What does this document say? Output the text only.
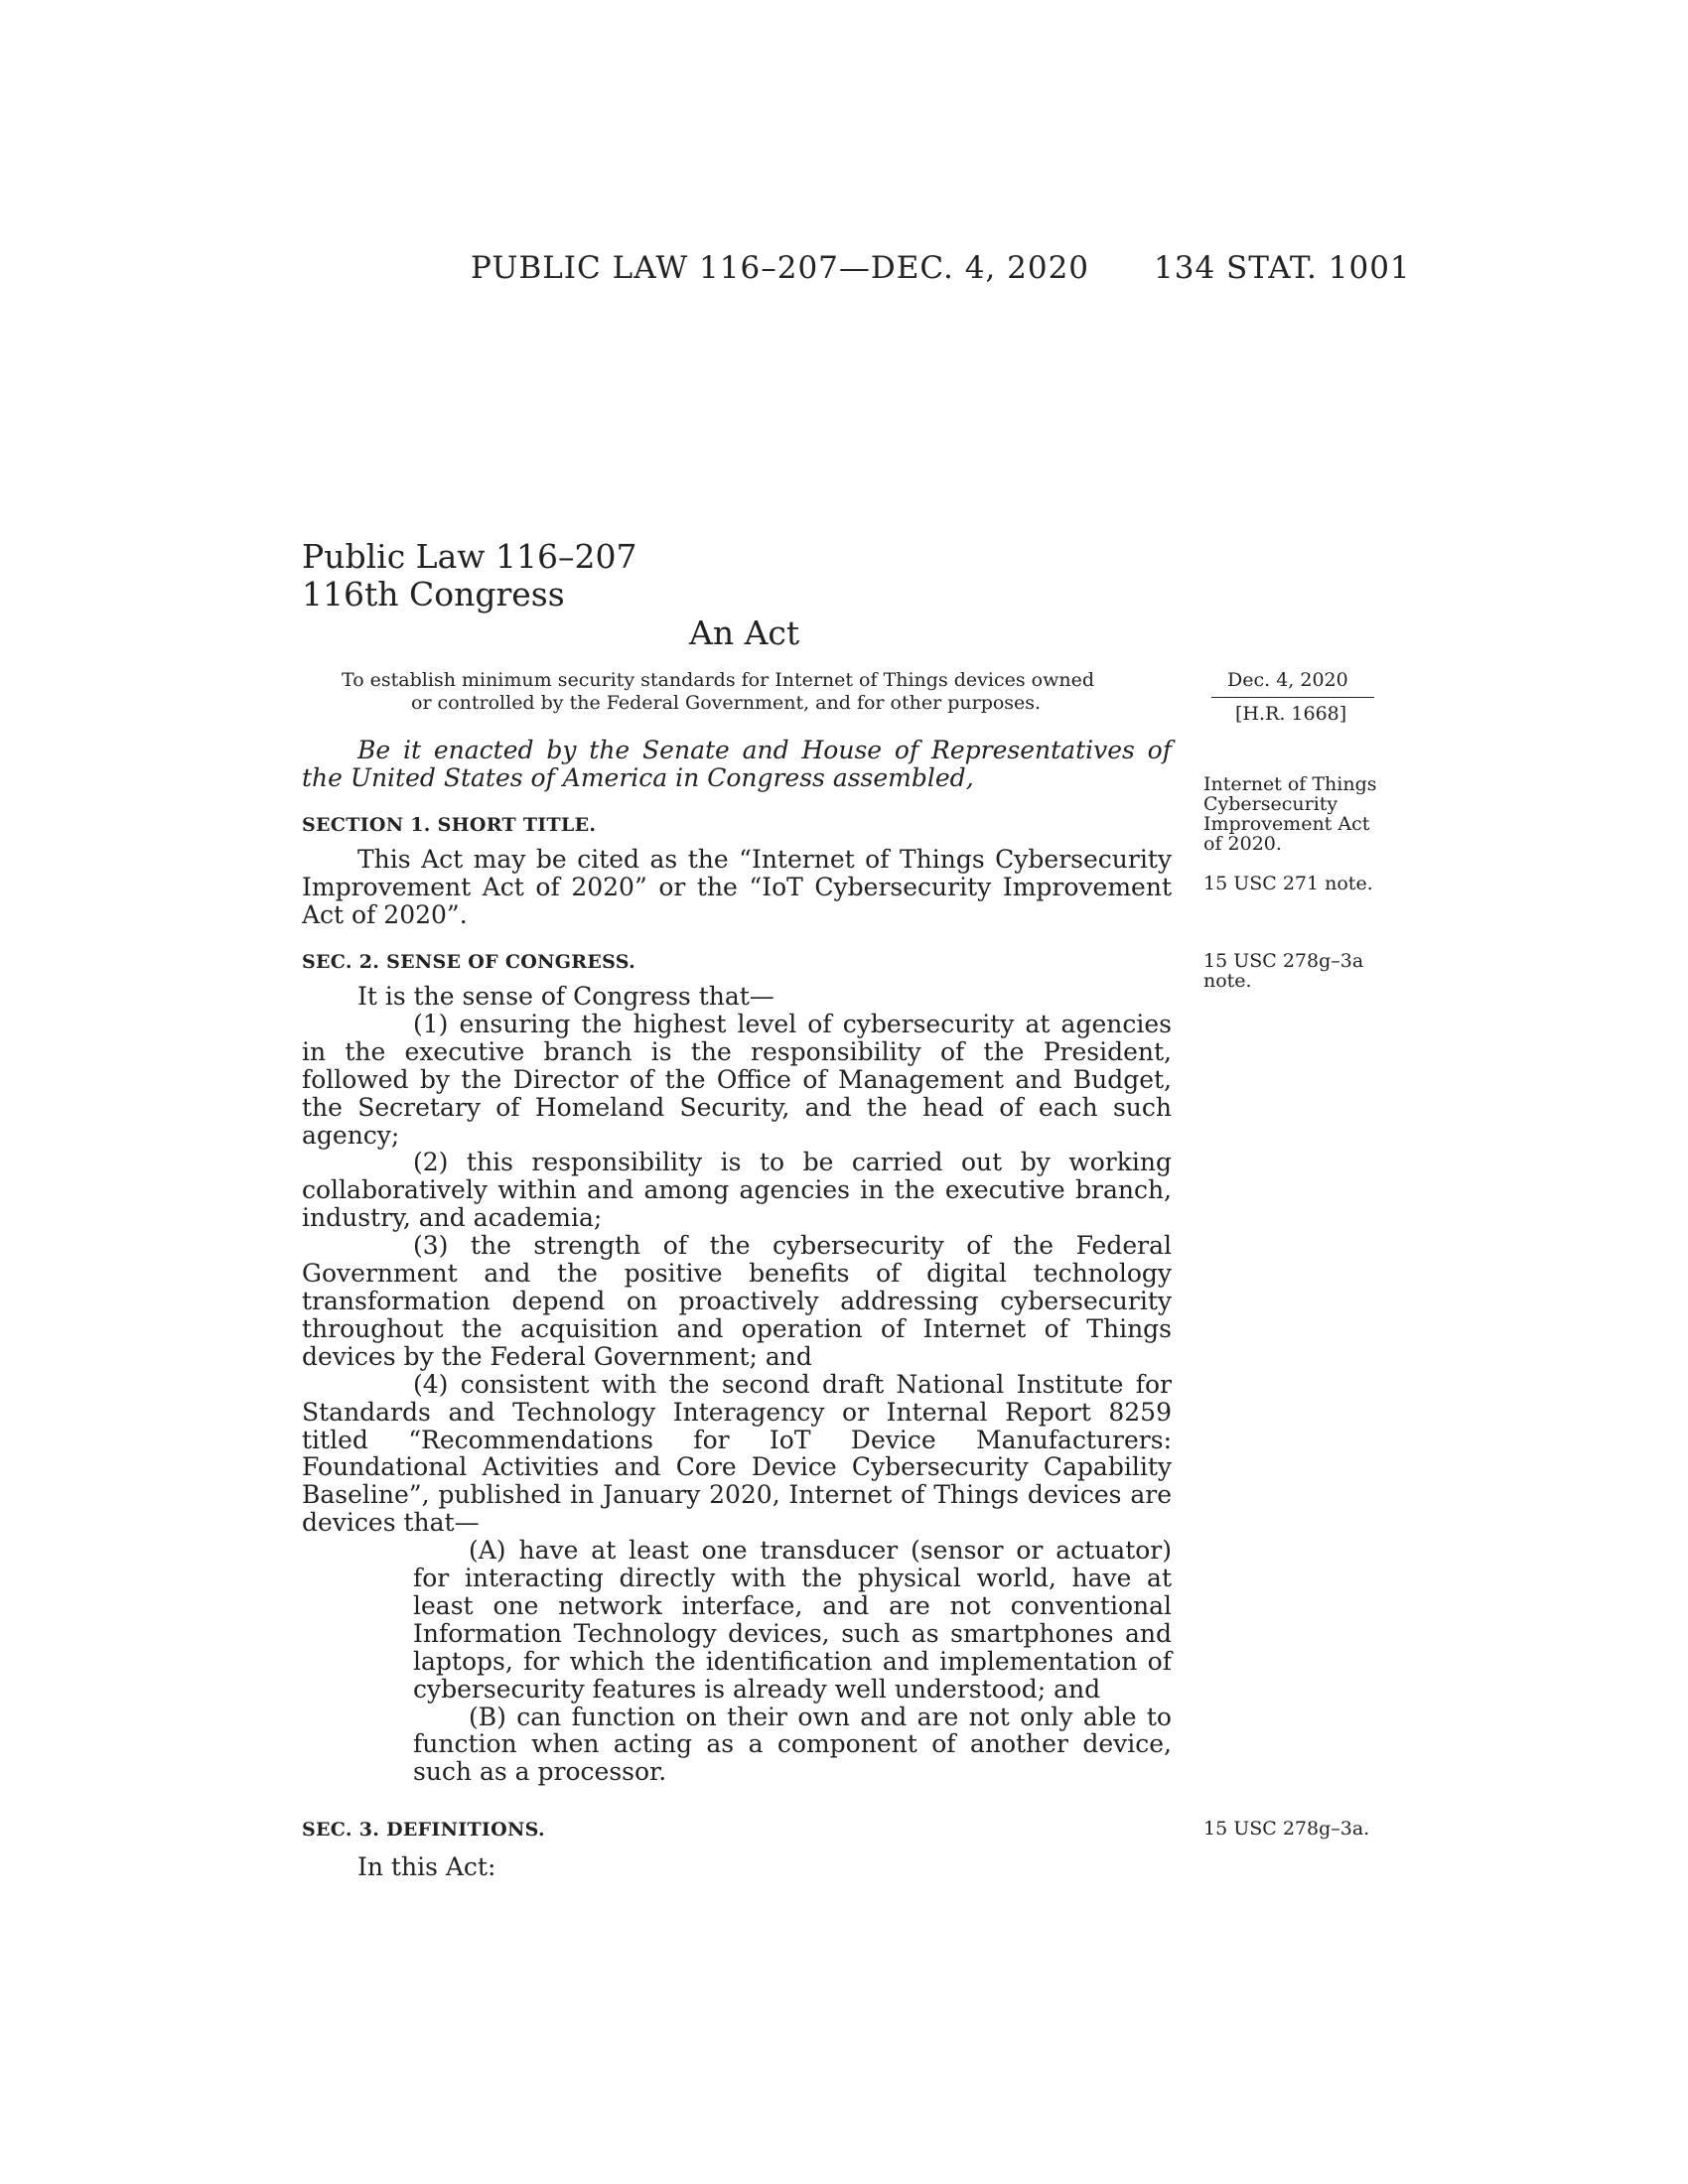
PUBLIC LAW 116–207—DEC. 4, 2020 134 STAT. 1001
Public Law 116–207
116th Congress
An Act
To establish minimum security standards for Internet of Things devices owned
or controlled by the Federal Government, and for other purposes.
Dec. 4, 2020
[H.R. 1668]
Be it enacted by the Senate and House of Representatives of the United States of America in Congress assembled,	Internet of Things Cybersecurity Improvement Act of 2020.
15 USC 271 note.
SECTION 1. SHORT TITLE.

This Act may be cited as the “Internet of Things Cybersecurity Improvement Act of 2020” or the “IoT Cybersecurity Improvement Act of 2020”.

SEC. 2. SENSE OF CONGRESS.	15 USC 278g–3a
note.

It is the sense of Congress that—

(1) ensuring the highest level of cybersecurity at agencies in the executive branch is the responsibility of the President, followed by the Director of the Office of Management and Budget, the Secretary of Homeland Security, and the head of each such agency;

(2) this responsibility is to be carried out by working collaboratively within and among agencies in the executive branch, industry, and academia;

(3) the strength of the cybersecurity of the Federal Government and the positive benefits of digital technology transformation depend on proactively addressing cybersecurity throughout the acquisition and operation of Internet of Things devices by the Federal Government; and

(4) consistent with the second draft National Institute for Standards and Technology Interagency or Internal Report 8259 titled “Recommendations for IoT Device Manufacturers: Foundational Activities and Core Device Cybersecurity Capability Baseline”, published in January 2020, Internet of Things devices are devices that—

(A) have at least one transducer (sensor or actuator) for interacting directly with the physical world, have at least one network interface, and are not conventional Information Technology devices, such as smartphones and laptops, for which the identification and implementation of cybersecurity features is already well understood; and

(B) can function on their own and are not only able to function when acting as a component of another device, such as a processor.

SEC. 3. DEFINITIONS.	15 USC 278g–3a.
In this Act:
